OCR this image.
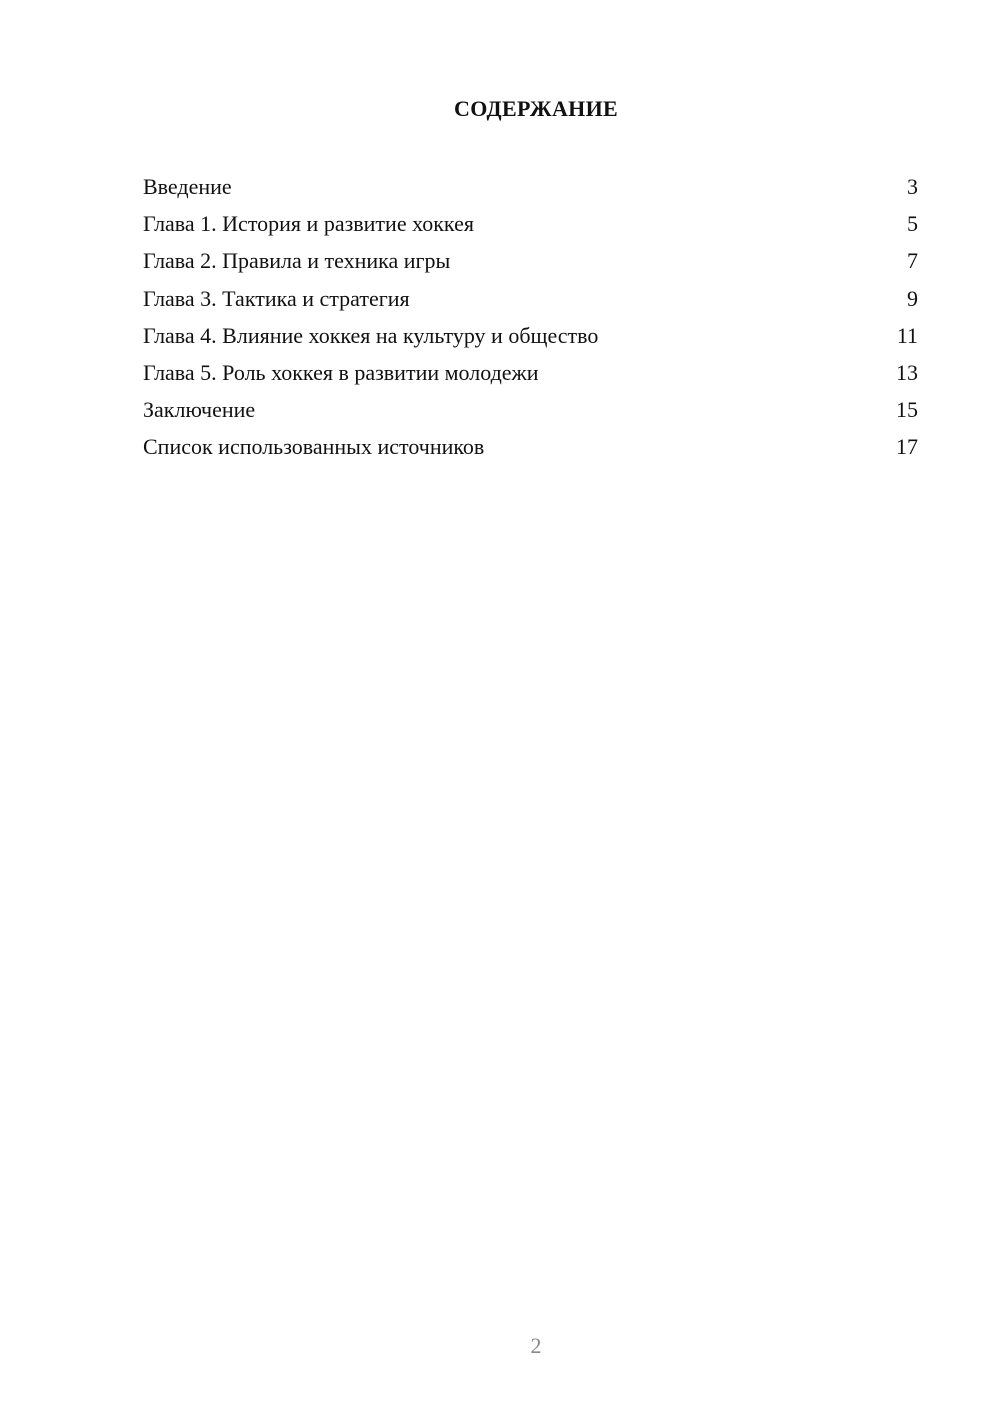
СОДЕРЖАНИЕ
Введение	3
Глава 1. История и развитие хоккея	5
Глава 2. Правила и техника игры	7
Глава 3. Тактика и стратегия	9
Глава 4. Влияние хоккея на культуру и общество	11
Глава 5. Роль хоккея в развитии молодежи	13
Заключение	15
Список использованных источников	17
2
